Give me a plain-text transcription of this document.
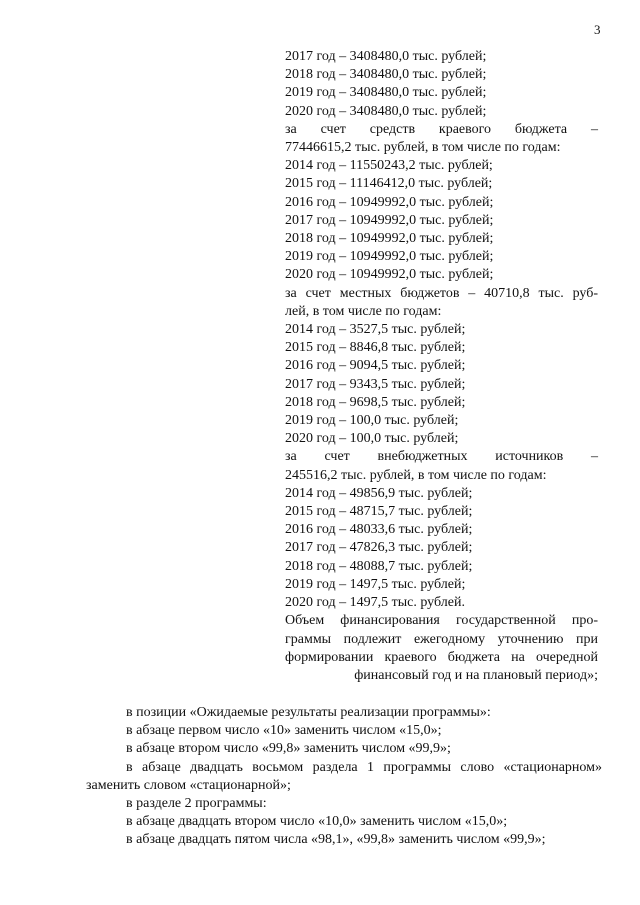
3
2017 год – 3408480,0 тыс. рублей;
2018 год – 3408480,0 тыс. рублей;
2019 год – 3408480,0 тыс. рублей;
2020 год – 3408480,0 тыс. рублей;
за счет средств краевого бюджета –
77446615,2 тыс. рублей, в том числе по годам:
2014 год – 11550243,2 тыс. рублей;
2015 год – 11146412,0 тыс. рублей;
2016 год – 10949992,0 тыс. рублей;
2017 год – 10949992,0 тыс. рублей;
2018 год – 10949992,0 тыс. рублей;
2019 год – 10949992,0 тыс. рублей;
2020 год – 10949992,0 тыс. рублей;
за счет местных бюджетов – 40710,8 тыс. руб-
лей, в том числе по годам:
2014 год – 3527,5 тыс. рублей;
2015 год – 8846,8 тыс. рублей;
2016 год – 9094,5 тыс. рублей;
2017 год – 9343,5 тыс. рублей;
2018 год – 9698,5 тыс. рублей;
2019 год – 100,0 тыс. рублей;
2020 год – 100,0 тыс. рублей;
за счет внебюджетных источников –
245516,2 тыс. рублей, в том числе по годам:
2014 год – 49856,9 тыс. рублей;
2015 год – 48715,7 тыс. рублей;
2016 год – 48033,6 тыс. рублей;
2017 год – 47826,3 тыс. рублей;
2018 год – 48088,7 тыс. рублей;
2019 год – 1497,5 тыс. рублей;
2020 год – 1497,5 тыс. рублей.
Объем финансирования государственной про-
граммы подлежит ежегодному уточнению при
формировании краевого бюджета на очередной
финансовый год и на плановый период»;
в позиции «Ожидаемые результаты реализации программы»:
в абзаце первом число «10» заменить числом «15,0»;
в абзаце втором число «99,8» заменить числом «99,9»;
в абзаце двадцать восьмом раздела 1 программы слово «стационарном»
заменить словом «стационарной»;
в разделе 2 программы:
в абзаце двадцать втором число «10,0» заменить числом «15,0»;
в абзаце двадцать пятом числа «98,1», «99,8» заменить числом «99,9»;
